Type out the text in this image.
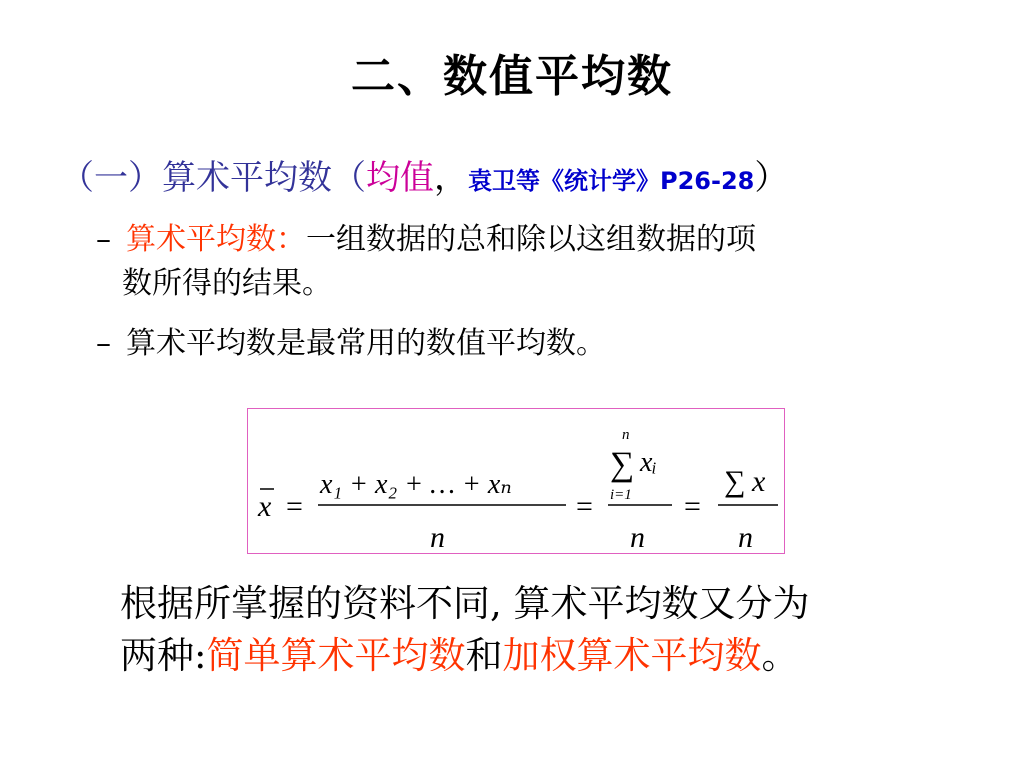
二、数值平均数
（一）算术平均数（均值，袁卫等《统计学》P26-28）
– 算术平均数：一组数据的总和除以这组数据的项
数所得的结果。
– 算术平均数是最常用的数值平均数。
x =
x₁ + x₂ + … + xₙ
n
=
n
∑ xᵢ
i=1
n
=
∑ x
n
根据所掌握的资料不同, 算术平均数又分为
两种:简单算术平均数和加权算术平均数。
